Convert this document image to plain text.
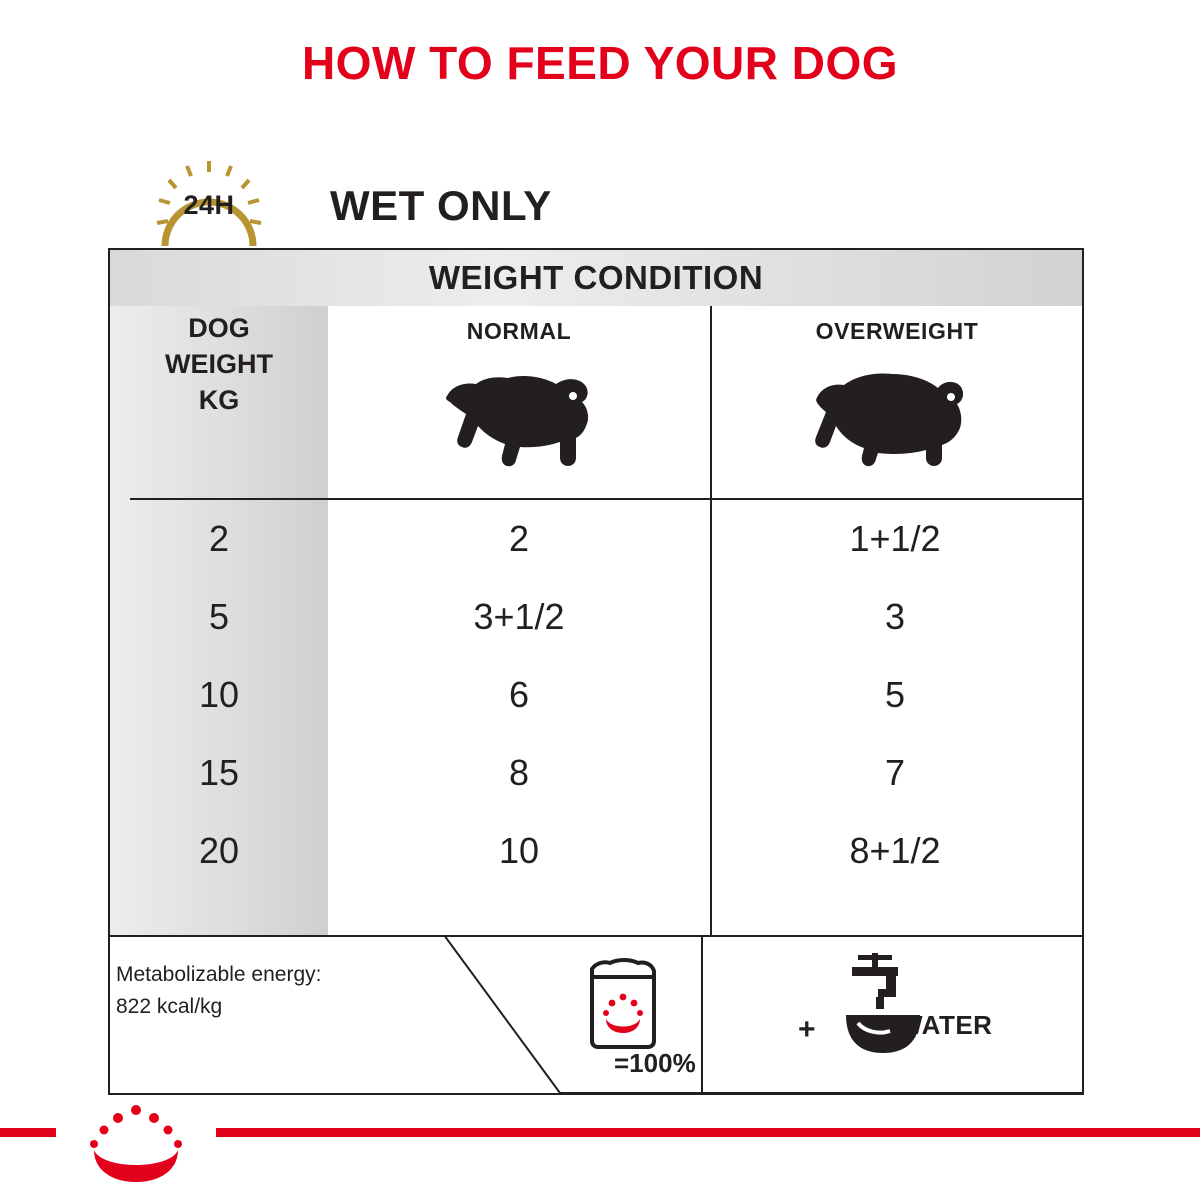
HOW TO FEED YOUR DOG
24H	WET ONLY
WEIGHT CONDITION
DOG
WEIGHT
KG
NORMAL	OVERWEIGHT
2	2	1+1/2
5	3+1/2	3
10	6	5
15	8	7
20	10	8+1/2
Metabolizable energy:
822 kcal/kg
=100%
+	WATER
